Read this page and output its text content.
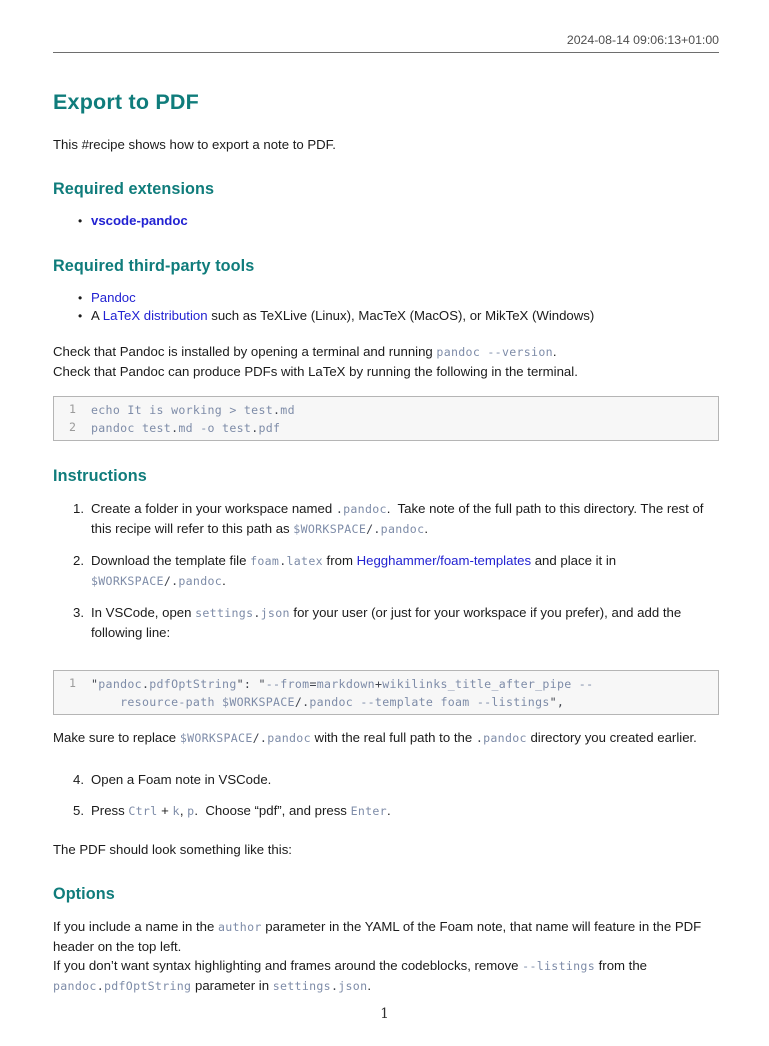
2024-08-14 09:06:13+01:00
Export to PDF

This #recipe shows how to export a note to PDF.

Required extensions
• vscode-pandoc
Required third-party tools
• Pandoc
• A LaTeX distribution such as TeXLive (Linux), MacTeX (MacOS), or MikTeX (Windows)

Check that Pandoc is installed by opening a terminal and running pandoc --version.

Check that Pandoc can produce PDFs with LaTeX by running the following in the terminal.

1	echo It is working > test.md
2	pandoc test.md -o test.pdf
Instructions
1. Create a folder in your workspace named .pandoc.  Take note of the full path to this directory. The rest of this recipe will refer to this path as $WORKSPACE/.pandoc.
2. Download the template file foam.latex from Hegghammer/foam-templates and place it in $WORKSPACE/.pandoc.
3. In VSCode, open settings.json for your user (or just for your workspace if you prefer), and add the following line:
1	"pandoc.pdfOptString": "--from=markdown+wikilinks_title_after_pipe --
resource-path $WORKSPACE/.pandoc --template foam --listings",

Make sure to replace $WORKSPACE/.pandoc with the real full path to the .pandoc directory you created earlier.

4. Open a Foam note in VSCode.
5. Press Ctrl + k, p.  Choose “pdf”, and press Enter.

The PDF should look something like this:

Options

If you include a name in the author parameter in the YAML of the Foam note, that name will feature in the PDF header on the top left.

If you don’t want syntax highlighting and frames around the codeblocks, remove --listings from the pandoc.pdfOptString parameter in settings.json.

1
